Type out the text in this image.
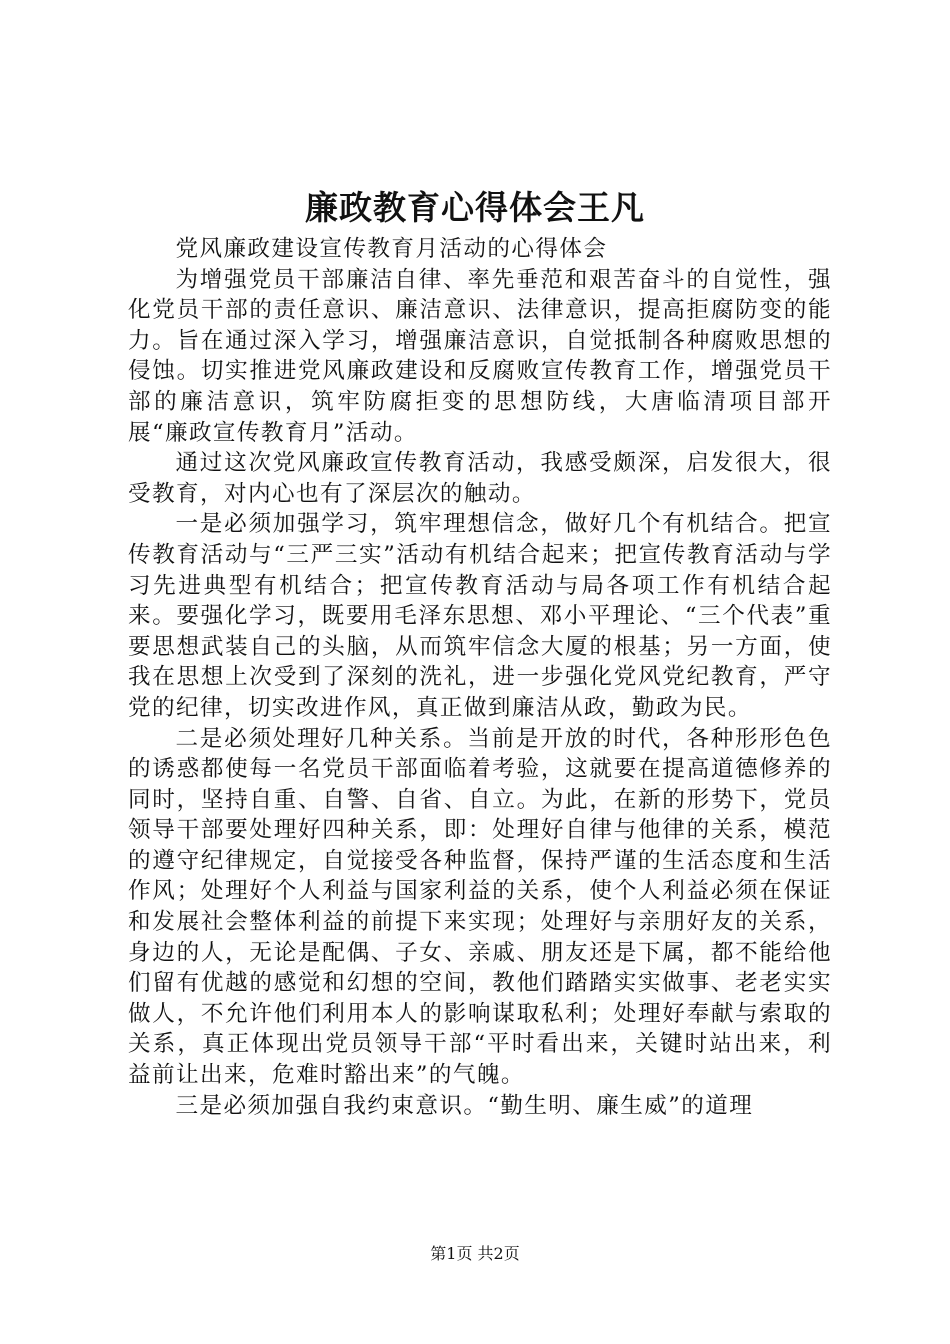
廉政教育心得体会王凡

党风廉政建设宣传教育月活动的心得体会

为增强党员干部廉洁自律、率先垂范和艰苦奋斗的自觉性，强化党员干部的责任意识、廉洁意识、法律意识，提高拒腐防变的能力。旨在通过深入学习，增强廉洁意识，自觉抵制各种腐败思想的侵蚀。切实推进党风廉政建设和反腐败宣传教育工作，增强党员干部的廉洁意识，筑牢防腐拒变的思想防线，大唐临清项目部开展“廉政宣传教育月”活动。

通过这次党风廉政宣传教育活动，我感受颇深，启发很大，很受教育，对内心也有了深层次的触动。

一是必须加强学习，筑牢理想信念，做好几个有机结合。把宣传教育活动与“三严三实”活动有机结合起来；把宣传教育活动与学习先进典型有机结合；把宣传教育活动与局各项工作有机结合起来。要强化学习，既要用毛泽东思想、邓小平理论、“三个代表”重要思想武装自己的头脑，从而筑牢信念大厦的根基；另一方面，使我在思想上次受到了深刻的洗礼，进一步强化党风党纪教育，严守党的纪律，切实改进作风，真正做到廉洁从政，勤政为民。

二是必须处理好几种关系。当前是开放的时代，各种形形色色的诱惑都使每一名党员干部面临着考验，这就要在提高道德修养的同时，坚持自重、自警、自省、自立。为此，在新的形势下，党员领导干部要处理好四种关系，即：处理好自律与他律的关系，模范的遵守纪律规定，自觉接受各种监督，保持严谨的生活态度和生活作风；处理好个人利益与国家利益的关系，使个人利益必须在保证和发展社会整体利益的前提下来实现；处理好与亲朋好友的关系，身边的人，无论是配偶、子女、亲戚、朋友还是下属，都不能给他们留有优越的感觉和幻想的空间，教他们踏踏实实做事、老老实实做人，不允许他们利用本人的影响谋取私利；处理好奉献与索取的关系，真正体现出党员领导干部“平时看出来，关键时站出来，利益前让出来，危难时豁出来”的气魄。

三是必须加强自我约束意识。“勤生明、廉生威”的道理

第1页 共2页
